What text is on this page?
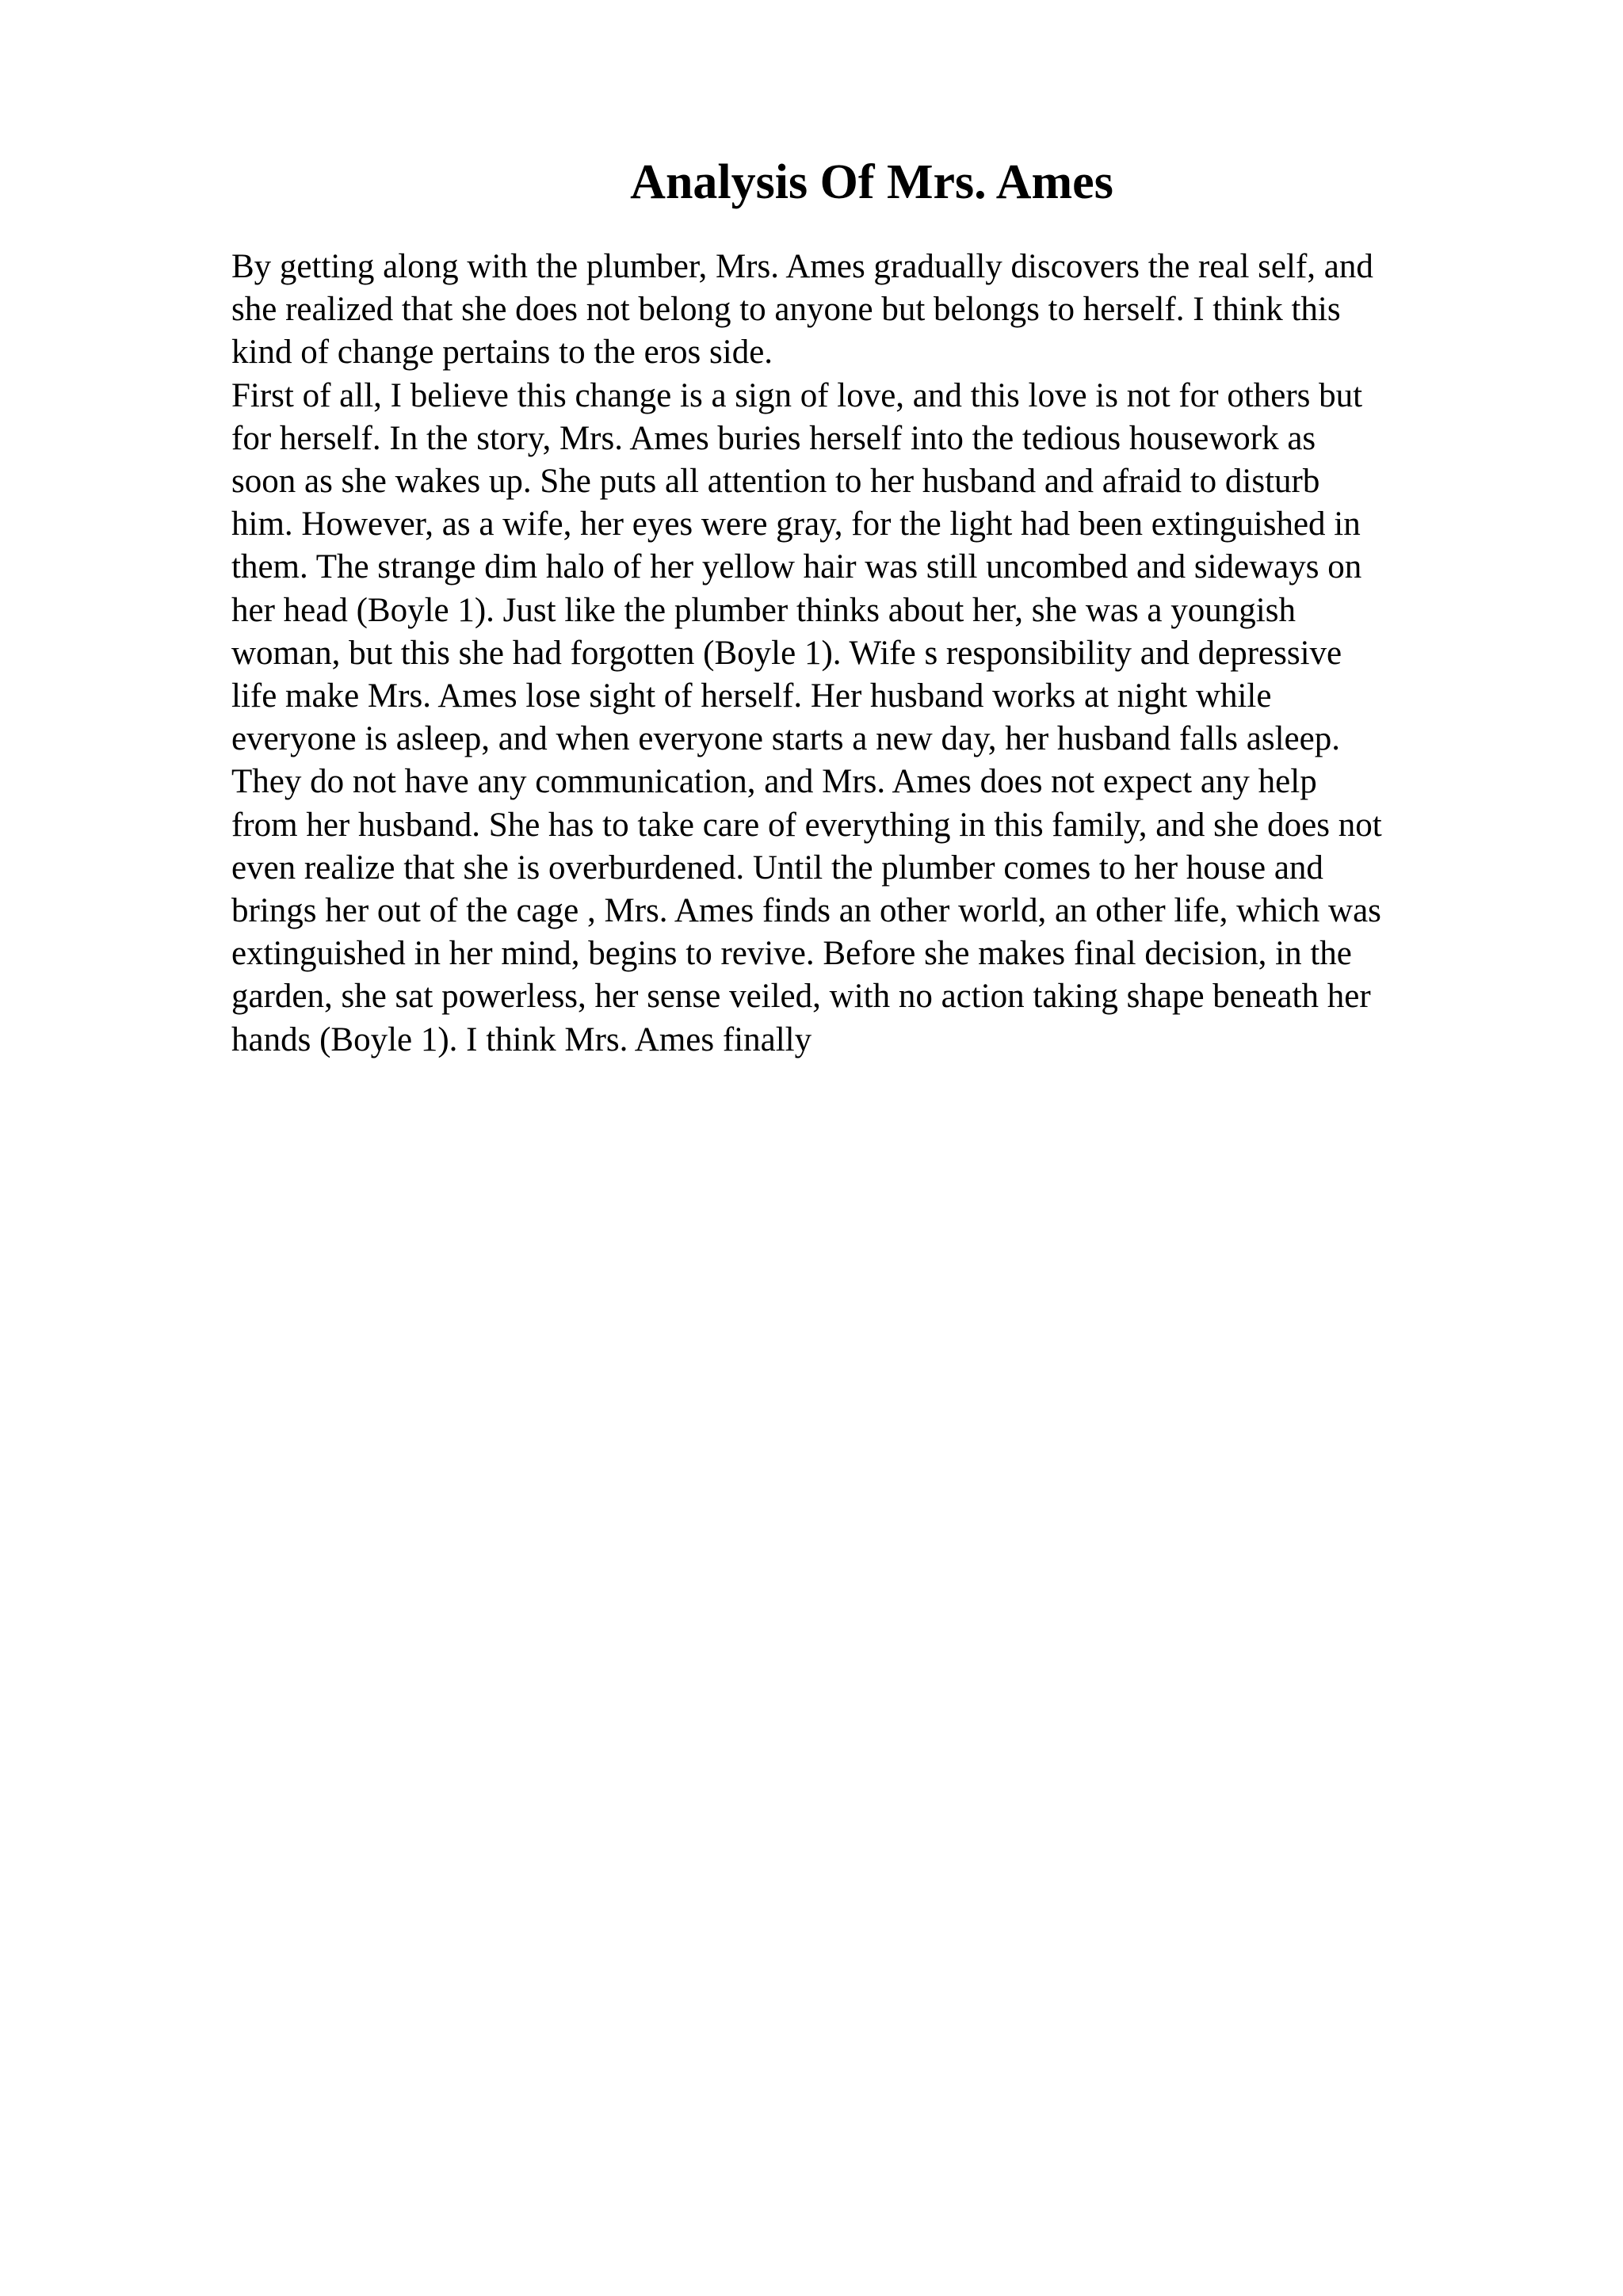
Analysis Of Mrs. Ames
By getting along with the plumber, Mrs. Ames gradually discovers the real self, and
she realized that she does not belong to anyone but belongs to herself. I think this
kind of change pertains to the eros side.
First of all, I believe this change is a sign of love, and this love is not for others but
for herself. In the story, Mrs. Ames buries herself into the tedious housework as
soon as she wakes up. She puts all attention to her husband and afraid to disturb
him. However, as a wife, her eyes were gray, for the light had been extinguished in
them. The strange dim halo of her yellow hair was still uncombed and sideways on
her head (Boyle 1). Just like the plumber thinks about her, she was a youngish
woman, but this she had forgotten (Boyle 1). Wife s responsibility and depressive
life make Mrs. Ames lose sight of herself. Her husband works at night while
everyone is asleep, and when everyone starts a new day, her husband falls asleep.
They do not have any communication, and Mrs. Ames does not expect any help
from her husband. She has to take care of everything in this family, and she does not
even realize that she is overburdened. Until the plumber comes to her house and
brings her out of the cage , Mrs. Ames finds an other world, an other life, which was
extinguished in her mind, begins to revive. Before she makes final decision, in the
garden, she sat powerless, her sense veiled, with no action taking shape beneath her
hands (Boyle 1). I think Mrs. Ames finally
